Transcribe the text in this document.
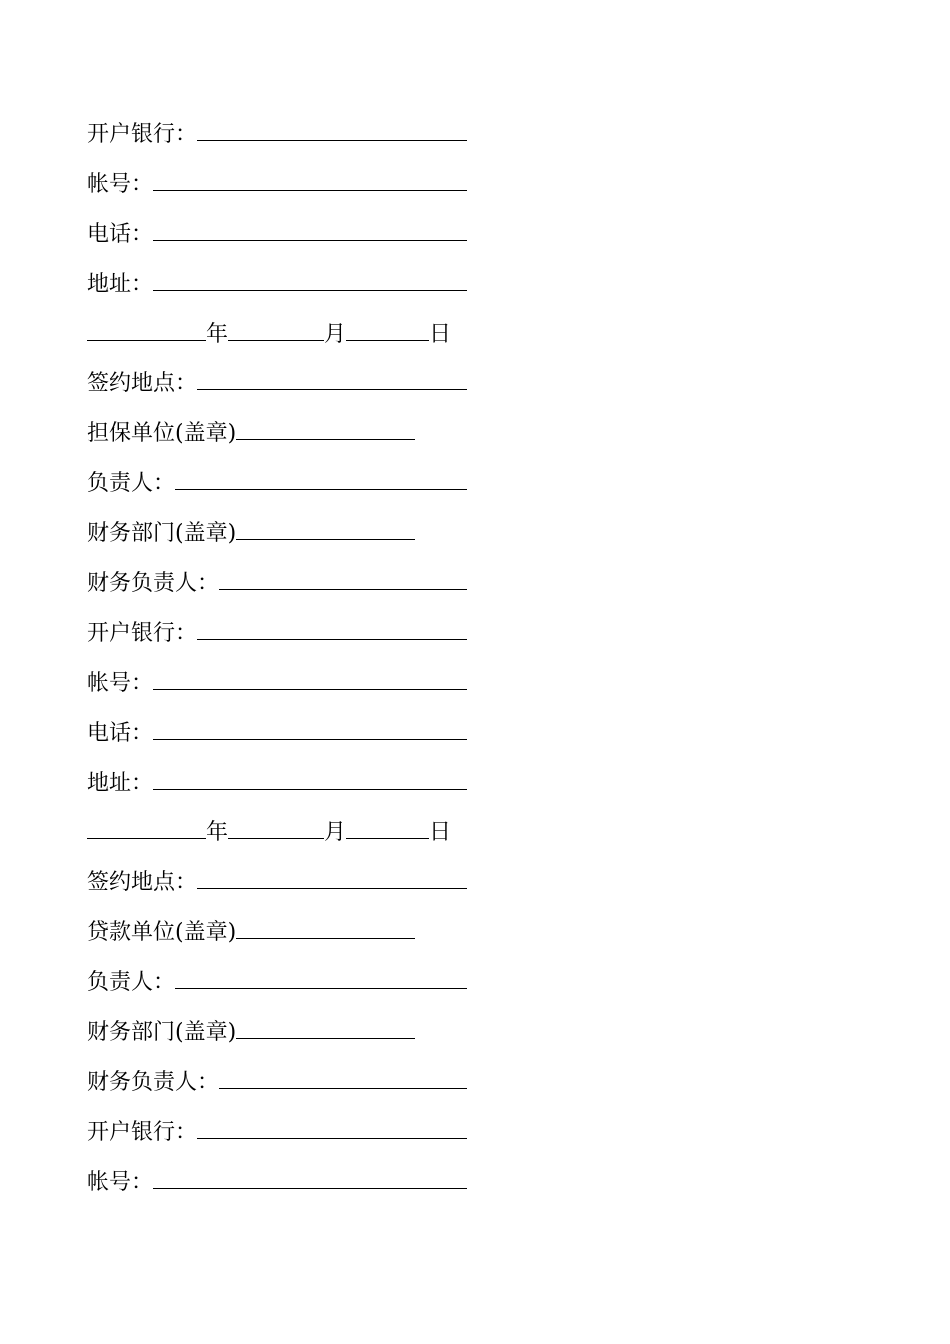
开户银行：
帐号：
电话：
地址：
年	月	日
签约地点：
担保单位(盖章)
负责人：
财务部门(盖章)
财务负责人：
开户银行：
帐号：
电话：
地址：
年	月	日
签约地点：
贷款单位(盖章)
负责人：
财务部门(盖章)
财务负责人：
开户银行：
帐号：
